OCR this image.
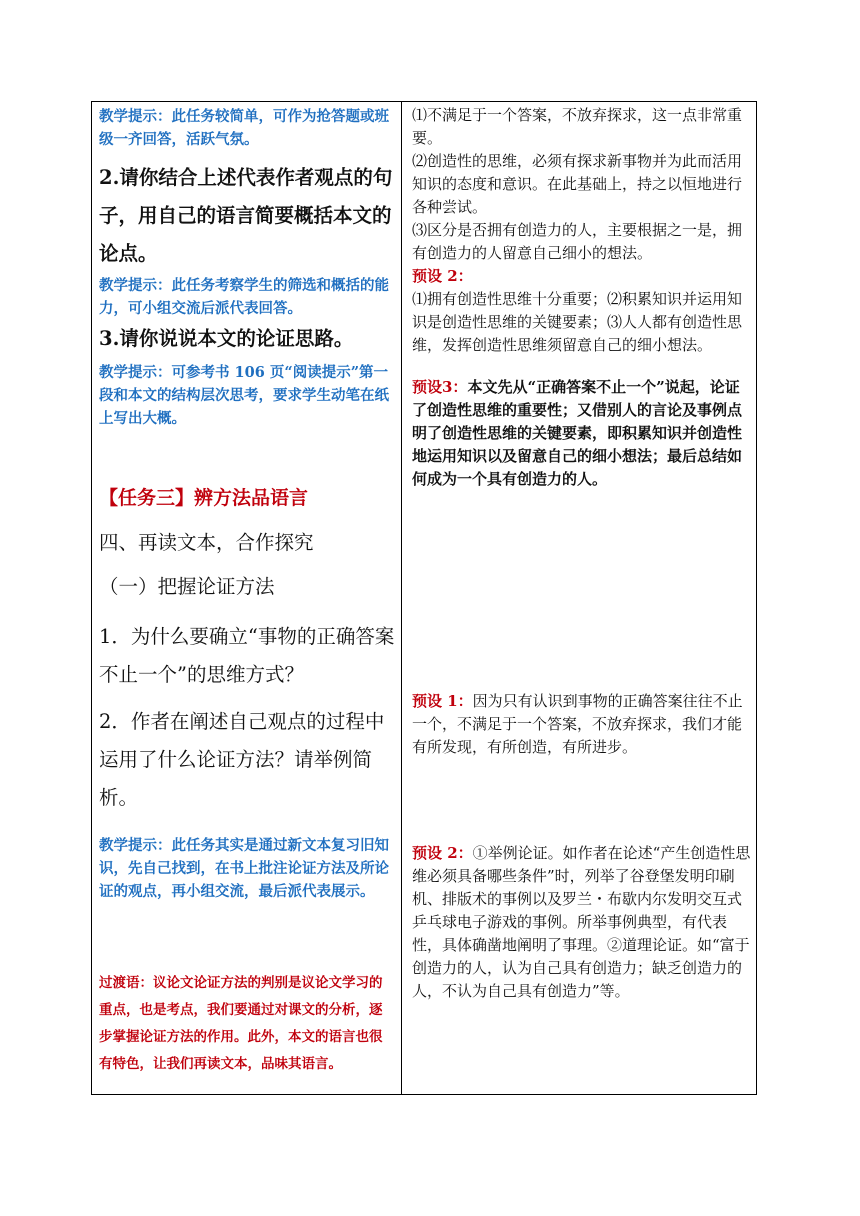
教学提示：此任务较简单，可作为抢答题或班级一齐回答，活跃气氛。
2.请你结合上述代表作者观点的句子，用自己的语言简要概括本文的论点。
教学提示：此任务考察学生的筛选和概括的能力，可小组交流后派代表回答。
3.请你说说本文的论证思路。
教学提示：可参考书 106 页“阅读提示”第一段和本文的结构层次思考，要求学生动笔在纸上写出大概。
【任务三】辨方法品语言
四、再读文本，合作探究
（一）把握论证方法
1．为什么要确立“事物的正确答案不止一个”的思维方式？
2．作者在阐述自己观点的过程中运用了什么论证方法？请举例简析。
教学提示：此任务其实是通过新文本复习旧知识，先自己找到，在书上批注论证方法及所论证的观点，再小组交流，最后派代表展示。
过渡语：议论文论证方法的判别是议论文学习的重点，也是考点，我们要通过对课文的分析，逐步掌握论证方法的作用。此外，本文的语言也很有特色，让我们再读文本，品味其语言。
⑴不满足于一个答案，不放弃探求，这一点非常重要。
⑵创造性的思维，必须有探求新事物并为此而活用知识的态度和意识。在此基础上，持之以恒地进行各种尝试。
⑶区分是否拥有创造力的人，主要根据之一是，拥有创造力的人留意自己细小的想法。
预设 2：
⑴拥有创造性思维十分重要；⑵积累知识并运用知识是创造性思维的关键要素；⑶人人都有创造性思维，发挥创造性思维须留意自己的细小想法。
预设3：本文先从“正确答案不止一个”说起，论证了创造性思维的重要性；又借别人的言论及事例点明了创造性思维的关键要素，即积累知识并创造性地运用知识以及留意自己的细小想法；最后总结如何成为一个具有创造力的人。
预设 1：因为只有认识到事物的正确答案往往不止一个，不满足于一个答案，不放弃探求，我们才能有所发现，有所创造，有所进步。
预设 2：①举例论证。如作者在论述“产生创造性思维必须具备哪些条件”时，列举了谷登堡发明印刷机、排版术的事例以及罗兰・布歇内尔发明交互式乒乓球电子游戏的事例。所举事例典型，有代表性，具体确凿地阐明了事理。②道理论证。如“富于创造力的人，认为自己具有创造力；缺乏创造力的人，不认为自己具有创造力”等。
